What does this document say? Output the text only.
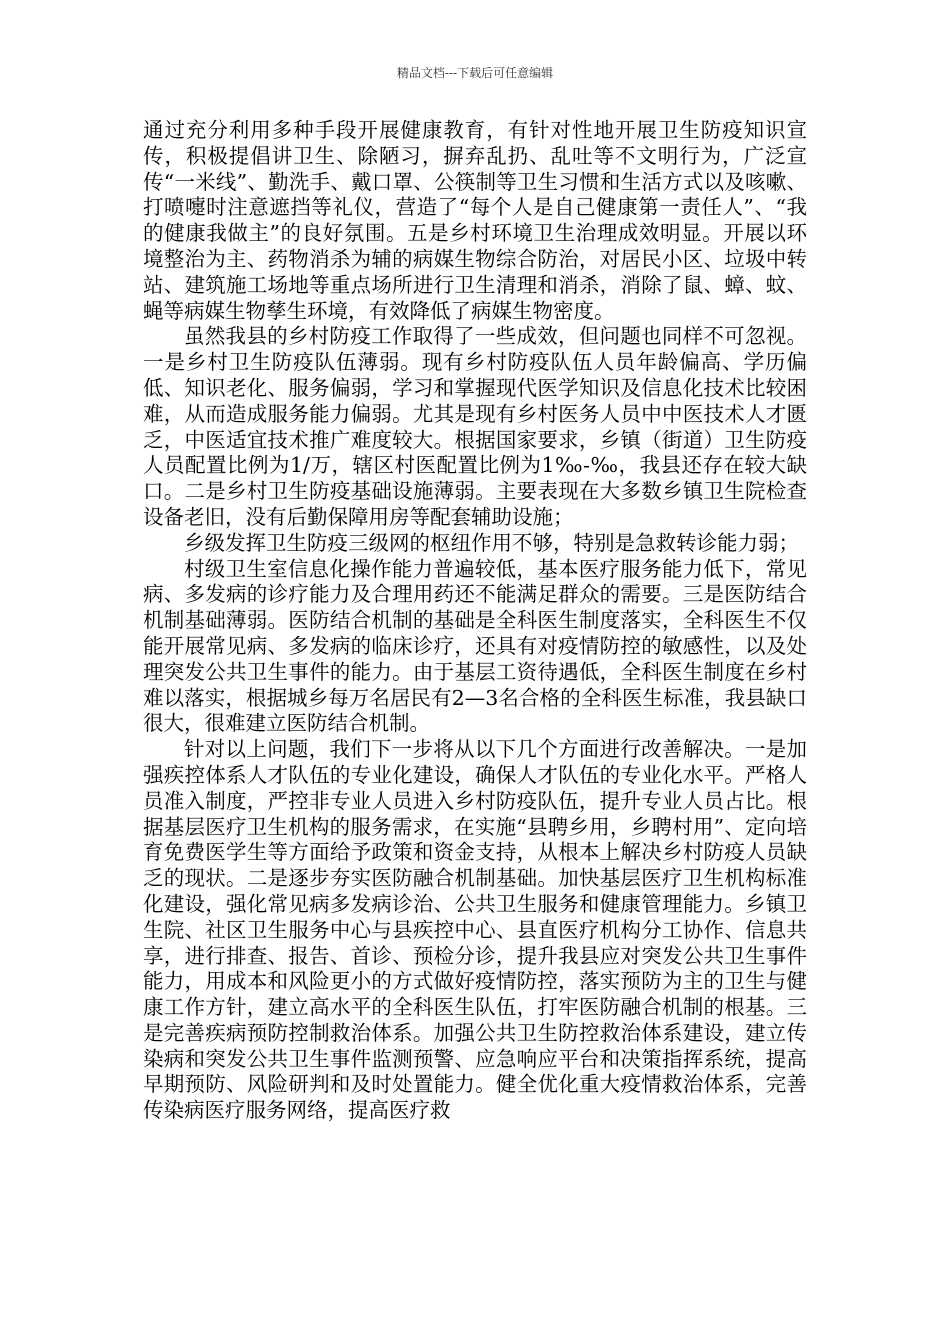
精品文档---下载后可任意编辑

通过充分利用多种手段开展健康教育，有针对性地开展卫生防疫知识宣传，积极提倡讲卫生、除陋习，摒弃乱扔、乱吐等不文明行为，广泛宣传“一米线”、勤洗手、戴口罩、公筷制等卫生习惯和生活方式以及咳嗽、打喷嚏时注意遮挡等礼仪，营造了“每个人是自己健康第一责任人”、“我的健康我做主”的良好氛围。五是乡村环境卫生治理成效明显。开展以环境整治为主、药物消杀为辅的病媒生物综合防治，对居民小区、垃圾中转站、建筑施工场地等重点场所进行卫生清理和消杀，消除了鼠、蟑、蚊、蝇等病媒生物孳生环境，有效降低了病媒生物密度。

虽然我县的乡村防疫工作取得了一些成效，但问题也同样不可忽视。一是乡村卫生防疫队伍薄弱。现有乡村防疫队伍人员年龄偏高、学历偏低、知识老化、服务偏弱，学习和掌握现代医学知识及信息化技术比较困难，从而造成服务能力偏弱。尤其是现有乡村医务人员中中医技术人才匮乏，中医适宜技术推广难度较大。根据国家要求，乡镇（街道）卫生防疫人员配置比例为1/万，辖区村医配置比例为1‰-‰，我县还存在较大缺口。二是乡村卫生防疫基础设施薄弱。主要表现在大多数乡镇卫生院检查设备老旧，没有后勤保障用房等配套辅助设施；

乡级发挥卫生防疫三级网的枢纽作用不够，特别是急救转诊能力弱；

村级卫生室信息化操作能力普遍较低，基本医疗服务能力低下，常见病、多发病的诊疗能力及合理用药还不能满足群众的需要。三是医防结合机制基础薄弱。医防结合机制的基础是全科医生制度落实，全科医生不仅能开展常见病、多发病的临床诊疗，还具有对疫情防控的敏感性，以及处理突发公共卫生事件的能力。由于基层工资待遇低，全科医生制度在乡村难以落实，根据城乡每万名居民有2—3名合格的全科医生标准，我县缺口很大，很难建立医防结合机制。

针对以上问题，我们下一步将从以下几个方面进行改善解决。一是加强疾控体系人才队伍的专业化建设，确保人才队伍的专业化水平。严格人员准入制度，严控非专业人员进入乡村防疫队伍，提升专业人员占比。根据基层医疗卫生机构的服务需求，在实施“县聘乡用，乡聘村用”、定向培育免费医学生等方面给予政策和资金支持，从根本上解决乡村防疫人员缺乏的现状。二是逐步夯实医防融合机制基础。加快基层医疗卫生机构标准化建设，强化常见病多发病诊治、公共卫生服务和健康管理能力。乡镇卫生院、社区卫生服务中心与县疾控中心、县直医疗机构分工协作、信息共享，进行排查、报告、首诊、预检分诊，提升我县应对突发公共卫生事件能力，用成本和风险更小的方式做好疫情防控，落实预防为主的卫生与健康工作方针，建立高水平的全科医生队伍，打牢医防融合机制的根基。三是完善疾病预防控制救治体系。加强公共卫生防控救治体系建设，建立传染病和突发公共卫生事件监测预警、应急响应平台和决策指挥系统，提高早期预防、风险研判和及时处置能力。健全优化重大疫情救治体系，完善传染病医疗服务网络，提高医疗救
